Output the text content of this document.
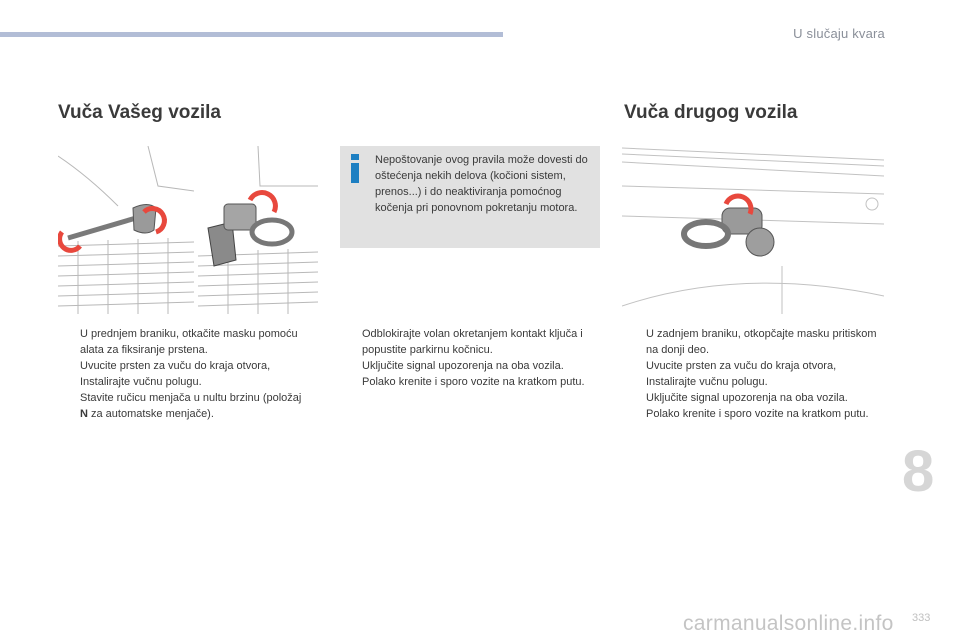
U slučaju kvara
Vuča Vašeg vozila	Vuča drugog vozila
Nepoštovanje ovog pravila može dovesti do oštećenja nekih delova (kočioni sistem, prenos...) i do neaktiviranja pomoćnog kočenja pri ponovnom pokretanju motora.
U prednjem braniku, otkačite masku pomoću alata za fiksiranje prstena.
Uvucite prsten za vuču do kraja otvora,
Instalirajte vučnu polugu.
Stavite ručicu menjača u nultu brzinu (položaj N za automatske menjače).
Odblokirajte volan okretanjem kontakt ključa i popustite parkirnu kočnicu.
Uključite signal upozorenja na oba vozila.
Polako krenite i sporo vozite na kratkom putu.
U zadnjem braniku, otkopčajte masku pritiskom na donji deo.
Uvucite prsten za vuču do kraja otvora,
Instalirajte vučnu polugu.
Uključite signal upozorenja na oba vozila.
Polako krenite i sporo vozite na kratkom putu.
8
carmanualsonline.info 333
